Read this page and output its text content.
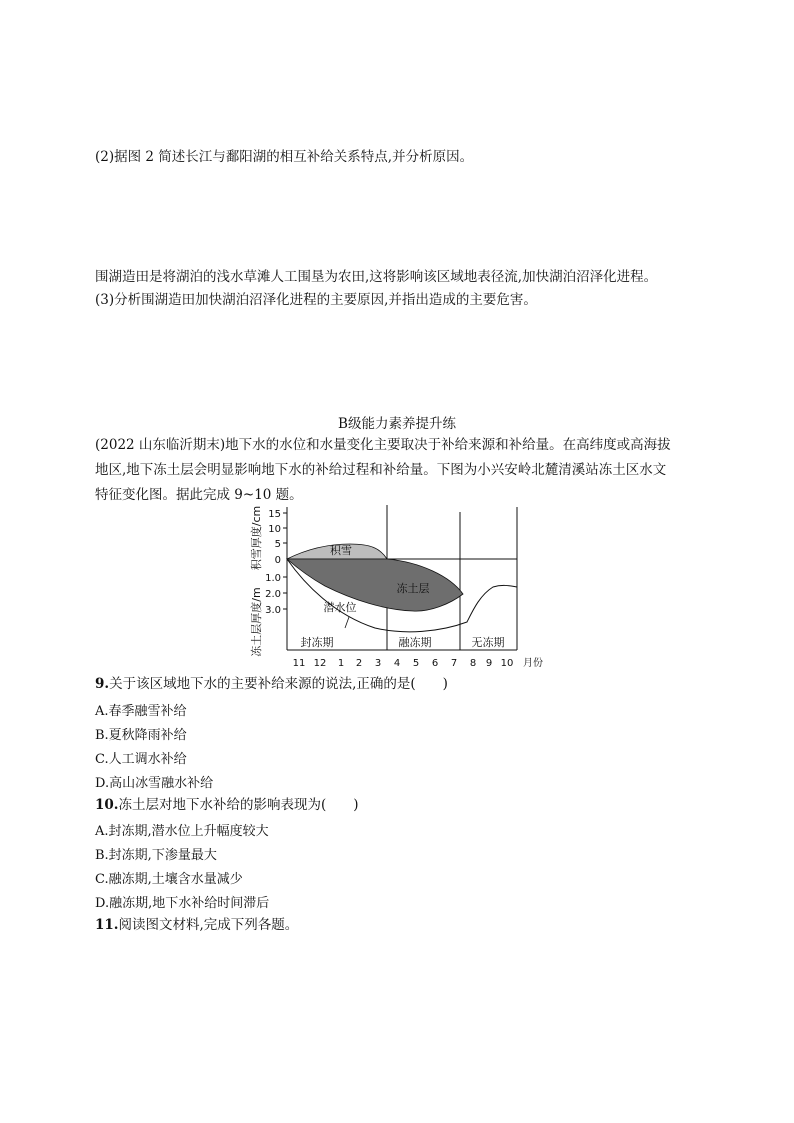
(2)据图 2 简述长江与鄱阳湖的相互补给关系特点,并分析原因。
围湖造田是将湖泊的浅水草滩人工围垦为农田,这将影响该区域地表径流,加快湖泊沼泽化进程。
(3)分析围湖造田加快湖泊沼泽化进程的主要原因,并指出造成的主要危害。
B级能力素养提升练
(2022 山东临沂期末)地下水的水位和水量变化主要取决于补给来源和补给量。在高纬度或高海拔
地区,地下冻土层会明显影响地下水的补给过程和补给量。下图为小兴安岭北麓清溪站冻土区水文
特征变化图。据此完成 9~10 题。
15
10
5
0
1.0
2.0
3.0
积雪厚度/cm
冻土层厚度/m
积雪
冻土层
潜水位
封冻期	融冻期	无冻期
11 12 1 2 3 4 5 6 7 8 9 10 月份
9.关于该区域地下水的主要补给来源的说法,正确的是(　　)
A.春季融雪补给
B.夏秋降雨补给
C.人工调水补给
D.高山冰雪融水补给
10.冻土层对地下水补给的影响表现为(　　)
A.封冻期,潜水位上升幅度较大
B.封冻期,下渗量最大
C.融冻期,土壤含水量减少
D.融冻期,地下水补给时间滞后
11.阅读图文材料,完成下列各题。
